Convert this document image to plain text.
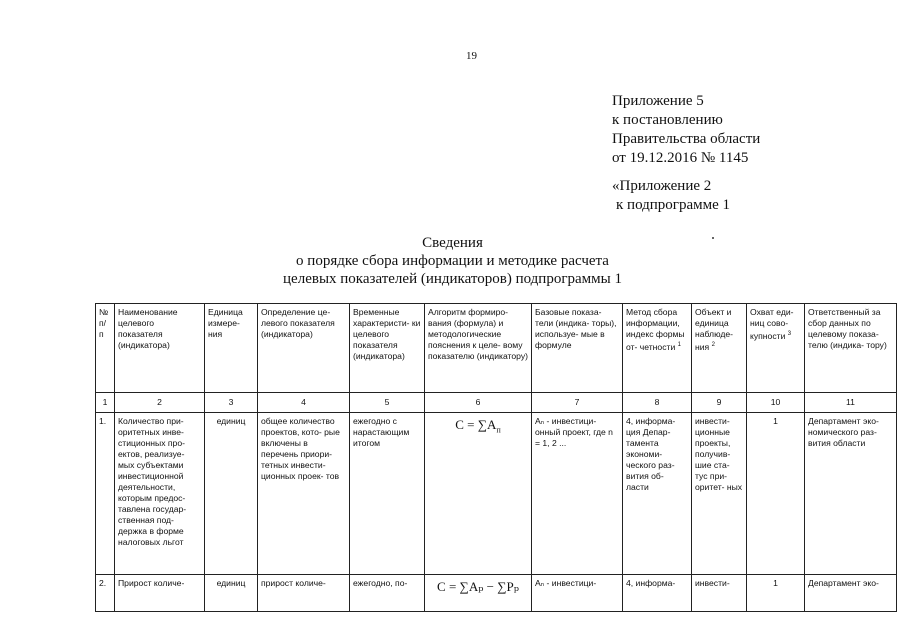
19
Приложение 5
к постановлению
Правительства области
от 19.12.2016 № 1145
«Приложение 2
к подпрограмме 1
Сведения
о порядке сбора информации и методике расчета
целевых показателей (индикаторов) подпрограммы 1
№ п/ п	Наименование целевого показателя (индикатора)	Единица измере- ния	Определение це- левого показателя (индикатора)	Временные характеристи- ки целевого показателя (индикатора)	Алгоритм формиро- вания (формула) и методологические пояснения к целе- вому показателю (индикатору)	Базовые показа- тели (индика- торы), используе- мые в формуле	Метод сбора информации, индекс формы от- четности $^1$	Объект и единица наблюде- ния $^2$	Охват еди- ниц сово- купности $^3$	Ответственный за сбор данных по целевому показа- телю (индика- тору)
1	2	3	4	5	6	7	8	9	10	11
1.	Количество при- оритетных инве- стиционных про- ектов, реализуе- мых субъектами инвестиционной деятельности, которым предос- тавлена государ- ственная под- держка в форме налоговых льгот	единиц	общее количество проектов, кото- рые включены в перечень приори- тетных инвести- ционных проек- тов	ежегодно с нарастающим итогом	$C = \sum A_п$	Aₙ - инвестици- онный проект, где n = 1, 2 ...	4, информа- ция Депар- тамента экономи- ческого раз- вития об- ласти	инвести- ционные проекты, получив- шие ста- тус при- оритет- ных	1	Департамент эко- номического раз- вития области
2.	Прирост количе-	единиц	прирост количе-	ежегодно, по-	C = ∑Aₚ − ∑Pₚ	Aₙ - инвестици-	4, информа-	инвести-	1	Департамент эко-
